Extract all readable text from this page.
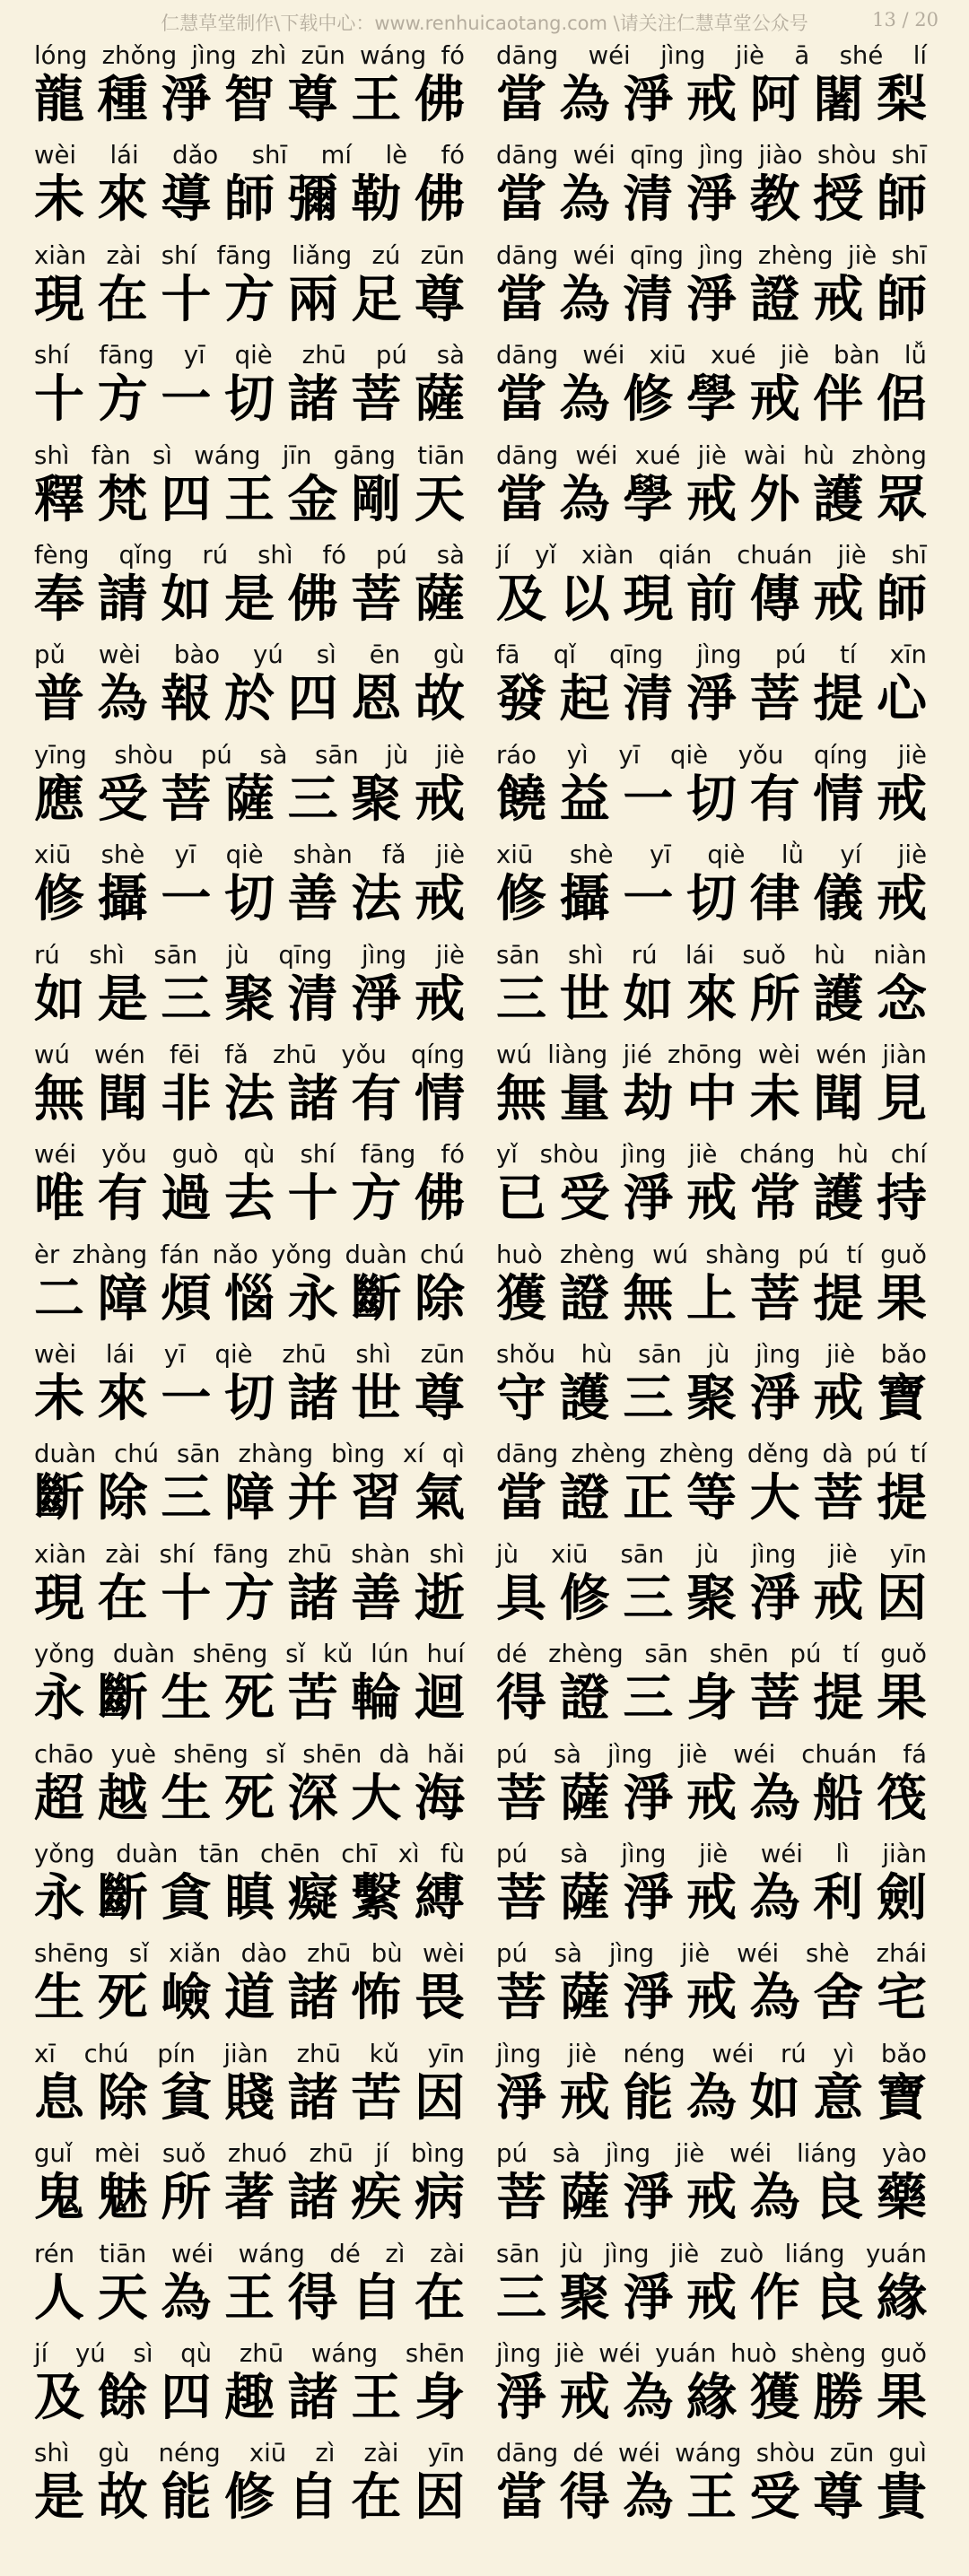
仁慧草堂制作\下载中心：www.renhuicaotang.com \请关注仁慧草堂公众号	13 / 20
lóng zhǒng jìng zhì zūn wáng fó
龍 種 淨 智 尊 王 佛
dāng wéi jìng jiè ā shé lí
當 為 淨 戒 阿 闍 梨
wèi lái dǎo shī mí lè fó
未 來 導 師 彌 勒 佛
dāng wéi qīng jìng jiào shòu shī
當 為 清 淨 教 授 師
xiàn zài shí fāng liǎng zú zūn
現 在 十 方 兩 足 尊
dāng wéi qīng jìng zhèng jiè shī
當 為 清 淨 證 戒 師
shí fāng yī qiè zhū pú sà
十 方 一 切 諸 菩 薩
dāng wéi xiū xué jiè bàn lǚ
當 為 修 學 戒 伴 侶
shì fàn sì wáng jīn gāng tiān
釋 梵 四 王 金 剛 天
dāng wéi xué jiè wài hù zhòng
當 為 學 戒 外 護 眾
fèng qǐng rú shì fó pú sà
奉 請 如 是 佛 菩 薩
jí yǐ xiàn qián chuán jiè shī
及 以 現 前 傳 戒 師
pǔ wèi bào yú sì ēn gù
普 為 報 於 四 恩 故
fā qǐ qīng jìng pú tí xīn
發 起 清 淨 菩 提 心
yīng shòu pú sà sān jù jiè
應 受 菩 薩 三 聚 戒
ráo yì yī qiè yǒu qíng jiè
饒 益 一 切 有 情 戒
xiū shè yī qiè shàn fǎ jiè
修 攝 一 切 善 法 戒
xiū shè yī qiè lǜ yí jiè
修 攝 一 切 律 儀 戒
rú shì sān jù qīng jìng jiè
如 是 三 聚 清 淨 戒
sān shì rú lái suǒ hù niàn
三 世 如 來 所 護 念
wú wén fēi fǎ zhū yǒu qíng
無 聞 非 法 諸 有 情
wú liàng jié zhōng wèi wén jiàn
無 量 劫 中 未 聞 見
wéi yǒu guò qù shí fāng fó
唯 有 過 去 十 方 佛
yǐ shòu jìng jiè cháng hù chí
已 受 淨 戒 常 護 持
èr zhàng fán nǎo yǒng duàn chú
二 障 煩 惱 永 斷 除
huò zhèng wú shàng pú tí guǒ
獲 證 無 上 菩 提 果
wèi lái yī qiè zhū shì zūn
未 來 一 切 諸 世 尊
shǒu hù sān jù jìng jiè bǎo
守 護 三 聚 淨 戒 寶
duàn chú sān zhàng bìng xí qì
斷 除 三 障 并 習 氣
dāng zhèng zhèng děng dà pú tí
當 證 正 等 大 菩 提
xiàn zài shí fāng zhū shàn shì
現 在 十 方 諸 善 逝
jù xiū sān jù jìng jiè yīn
具 修 三 聚 淨 戒 因
yǒng duàn shēng sǐ kǔ lún huí
永 斷 生 死 苦 輪 迴
dé zhèng sān shēn pú tí guǒ
得 證 三 身 菩 提 果
chāo yuè shēng sǐ shēn dà hǎi
超 越 生 死 深 大 海
pú sà jìng jiè wéi chuán fá
菩 薩 淨 戒 為 船 筏
yǒng duàn tān chēn chī xì fù
永 斷 貪 瞋 癡 繫 縛
pú sà jìng jiè wéi lì jiàn
菩 薩 淨 戒 為 利 劍
shēng sǐ xiǎn dào zhū bù wèi
生 死 嶮 道 諸 怖 畏
pú sà jìng jiè wéi shè zhái
菩 薩 淨 戒 為 舍 宅
xī chú pín jiàn zhū kǔ yīn
息 除 貧 賤 諸 苦 因
jìng jiè néng wéi rú yì bǎo
淨 戒 能 為 如 意 寶
guǐ mèi suǒ zhuó zhū jí bìng
鬼 魅 所 著 諸 疾 病
pú sà jìng jiè wéi liáng yào
菩 薩 淨 戒 為 良 藥
rén tiān wéi wáng dé zì zài
人 天 為 王 得 自 在
sān jù jìng jiè zuò liáng yuán
三 聚 淨 戒 作 良 緣
jí yú sì qù zhū wáng shēn
及 餘 四 趣 諸 王 身
jìng jiè wéi yuán huò shèng guǒ
淨 戒 為 緣 獲 勝 果
shì gù néng xiū zì zài yīn
是 故 能 修 自 在 因
dāng dé wéi wáng shòu zūn guì
當 得 為 王 受 尊 貴
